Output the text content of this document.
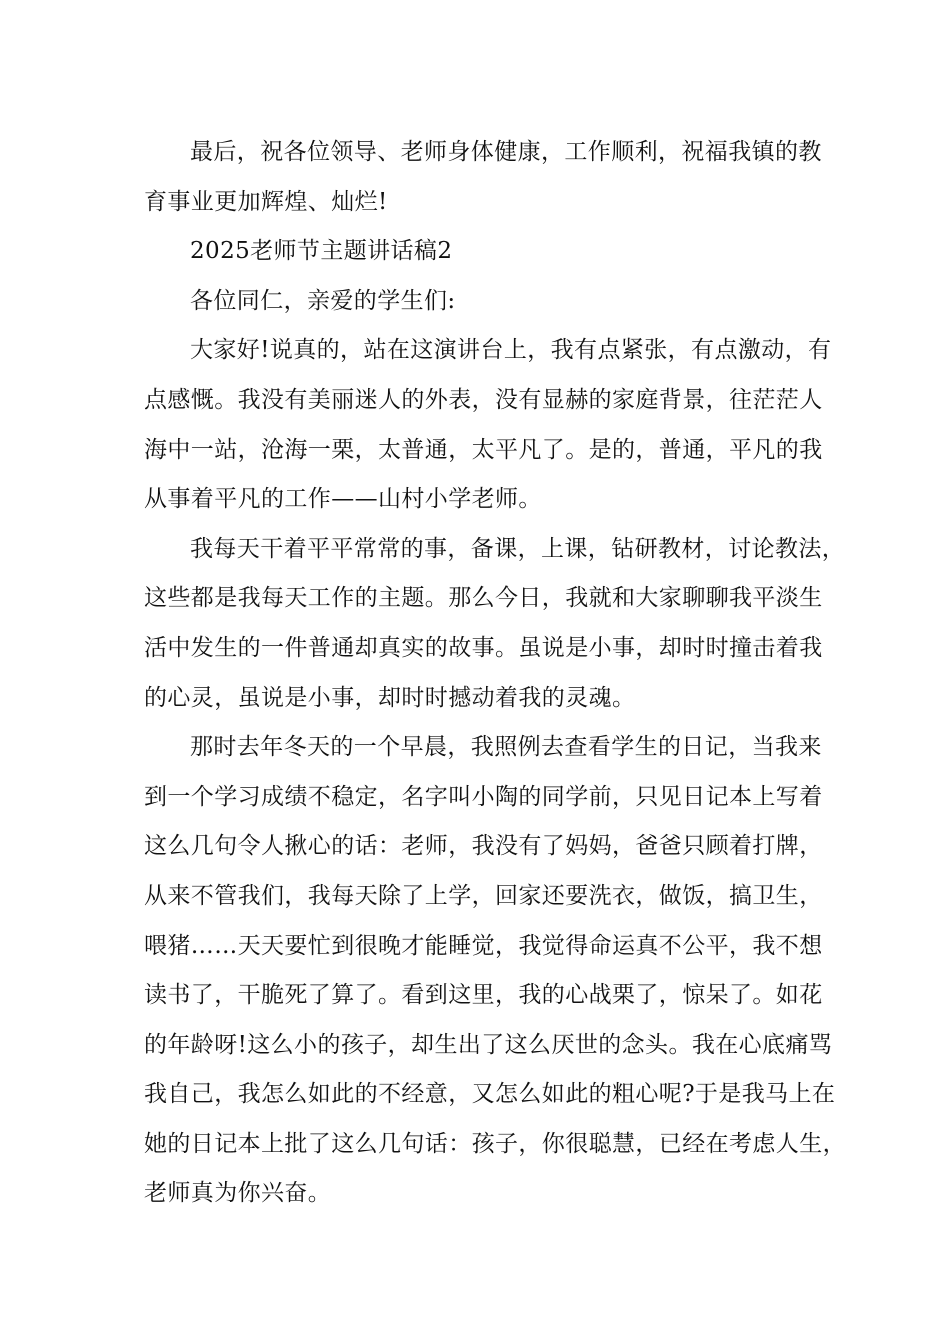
最后，祝各位领导、老师身体健康，工作顺利，祝福我镇的教
育事业更加辉煌、灿烂!
2025老师节主题讲话稿2
各位同仁，亲爱的学生们:
大家好!说真的，站在这演讲台上，我有点紧张，有点激动，有
点感慨。我没有美丽迷人的外表，没有显赫的家庭背景，往茫茫人
海中一站，沧海一栗，太普通，太平凡了。是的，普通，平凡的我
从事着平凡的工作——山村小学老师。
我每天干着平平常常的事，备课，上课，钻研教材，讨论教法，
这些都是我每天工作的主题。那么今日，我就和大家聊聊我平淡生
活中发生的一件普通却真实的故事。虽说是小事，却时时撞击着我
的心灵，虽说是小事，却时时撼动着我的灵魂。
那时去年冬天的一个早晨，我照例去查看学生的日记，当我来
到一个学习成绩不稳定，名字叫小陶的同学前，只见日记本上写着
这么几句令人揪心的话：老师，我没有了妈妈，爸爸只顾着打牌，
从来不管我们，我每天除了上学，回家还要洗衣，做饭，搞卫生，
喂猪……天天要忙到很晚才能睡觉，我觉得命运真不公平，我不想
读书了，干脆死了算了。看到这里，我的心战栗了，惊呆了。如花
的年龄呀!这么小的孩子，却生出了这么厌世的念头。我在心底痛骂
我自己，我怎么如此的不经意，又怎么如此的粗心呢?于是我马上在
她的日记本上批了这么几句话：孩子，你很聪慧，已经在考虑人生，
老师真为你兴奋。
